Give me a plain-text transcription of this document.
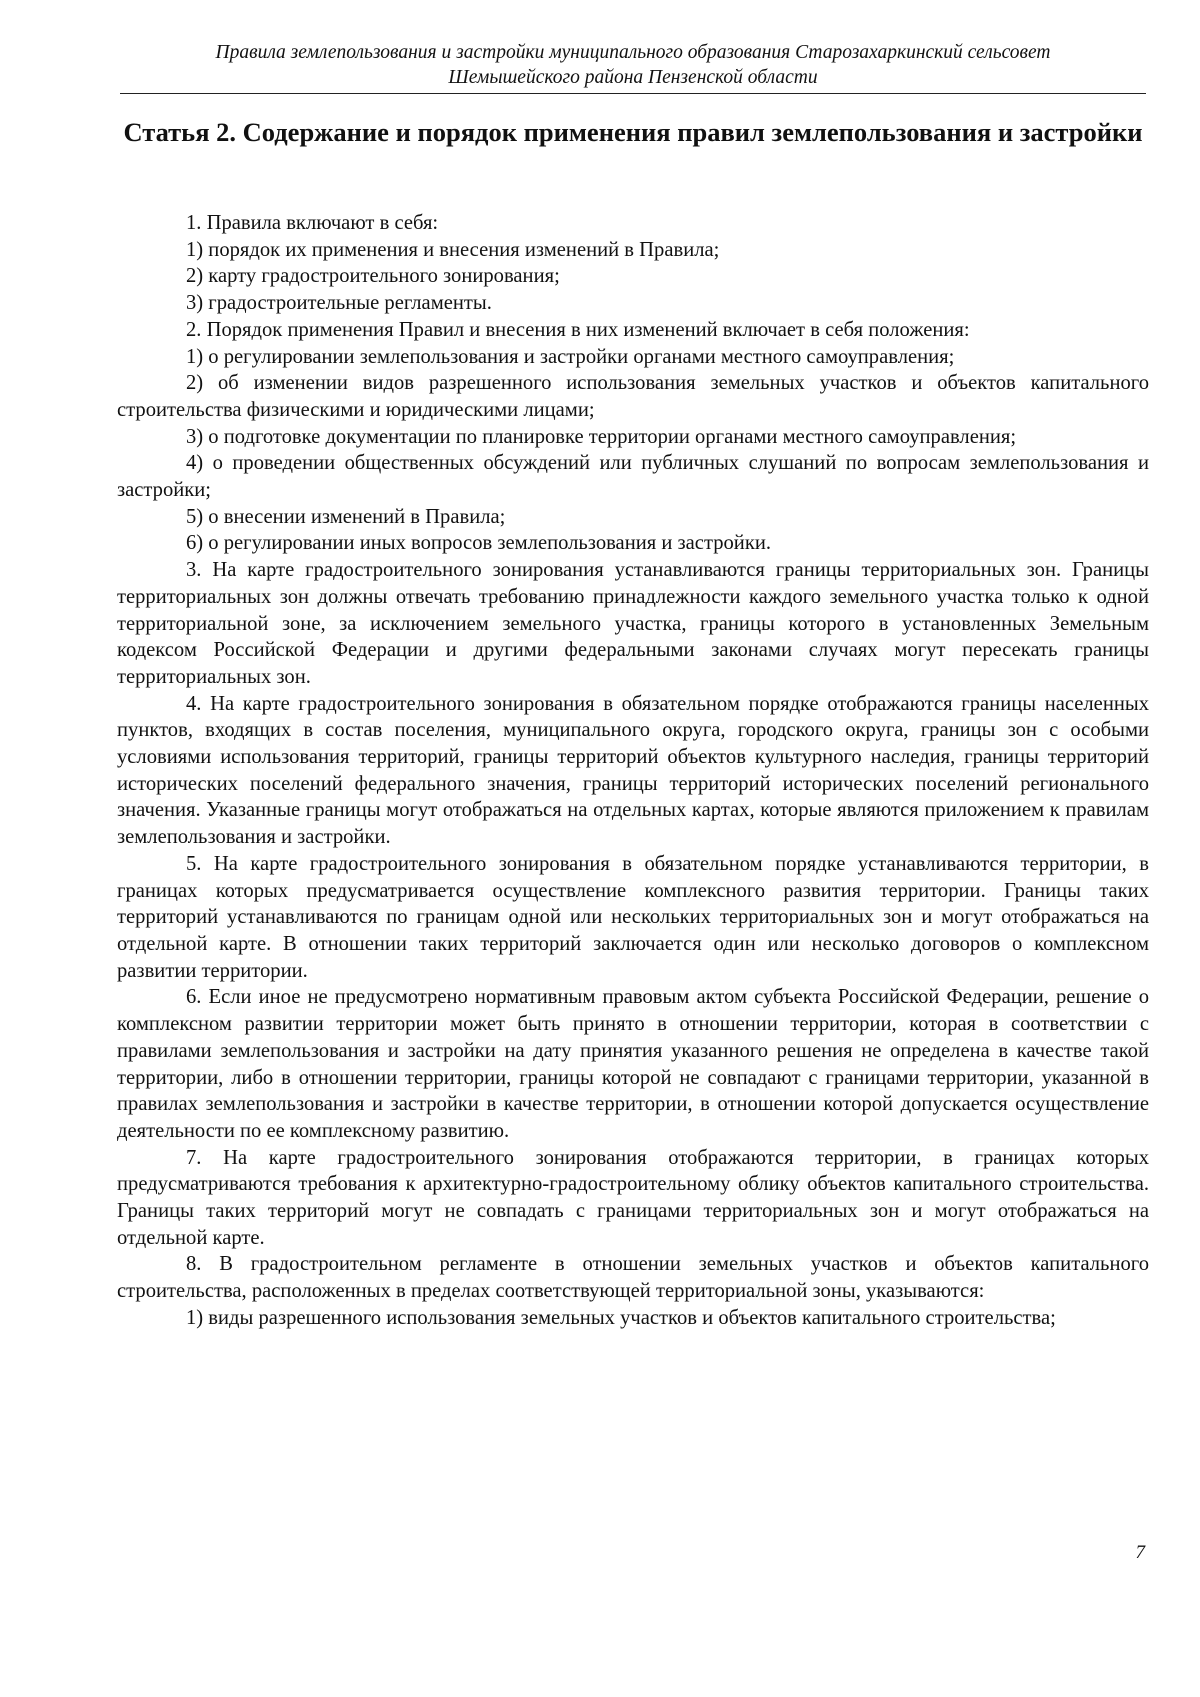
Правила землепользования и застройки муниципального образования Старозахаркинский сельсовет
Шемышейского района Пензенской области
Статья 2. Содержание и порядок применения правил землепользования и застройки

1. Правила включают в себя:

1) порядок их применения и внесения изменений в Правила;

2) карту градостроительного зонирования;

3) градостроительные регламенты.

2. Порядок применения Правил и внесения в них изменений включает в себя положения:

1) о регулировании землепользования и застройки органами местного самоуправления;

2) об изменении видов разрешенного использования земельных участков и объектов капитального строительства физическими и юридическими лицами;

3) о подготовке документации по планировке территории органами местного самоуправления;

4) о проведении общественных обсуждений или публичных слушаний по вопросам землепользования и застройки;

5) о внесении изменений в Правила;

6) о регулировании иных вопросов землепользования и застройки.

3. На карте градостроительного зонирования устанавливаются границы территориальных зон. Границы территориальных зон должны отвечать требованию принадлежности каждого земельного участка только к одной территориальной зоне, за исключением земельного участка, границы которого в установленных Земельным кодексом Российской Федерации и другими федеральными законами случаях могут пересекать границы территориальных зон.

4. На карте градостроительного зонирования в обязательном порядке отображаются границы населенных пунктов, входящих в состав поселения, муниципального округа, городского округа, границы зон с особыми условиями использования территорий, границы территорий объектов культурного наследия, границы территорий исторических поселений федерального значения, границы территорий исторических поселений регионального значения. Указанные границы могут отображаться на отдельных картах, которые являются приложением к правилам землепользования и застройки.

5. На карте градостроительного зонирования в обязательном порядке устанавливаются территории, в границах которых предусматривается осуществление комплексного развития территории. Границы таких территорий устанавливаются по границам одной или нескольких территориальных зон и могут отображаться на отдельной карте. В отношении таких территорий заключается один или несколько договоров о комплексном развитии территории.

6. Если иное не предусмотрено нормативным правовым актом субъекта Российской Федерации, решение о комплексном развитии территории может быть принято в отношении территории, которая в соответствии с правилами землепользования и застройки на дату принятия указанного решения не определена в качестве такой территории, либо в отношении территории, границы которой не совпадают с границами территории, указанной в правилах землепользования и застройки в качестве территории, в отношении которой допускается осуществление деятельности по ее комплексному развитию.

7. На карте градостроительного зонирования отображаются территории, в границах которых предусматриваются требования к архитектурно-градостроительному облику объектов капитального строительства. Границы таких территорий могут не совпадать с границами территориальных зон и могут отображаться на отдельной карте.

8. В градостроительном регламенте в отношении земельных участков и объектов капитального строительства, расположенных в пределах соответствующей территориальной зоны, указываются:

1) виды разрешенного использования земельных участков и объектов капитального строительства;

7
